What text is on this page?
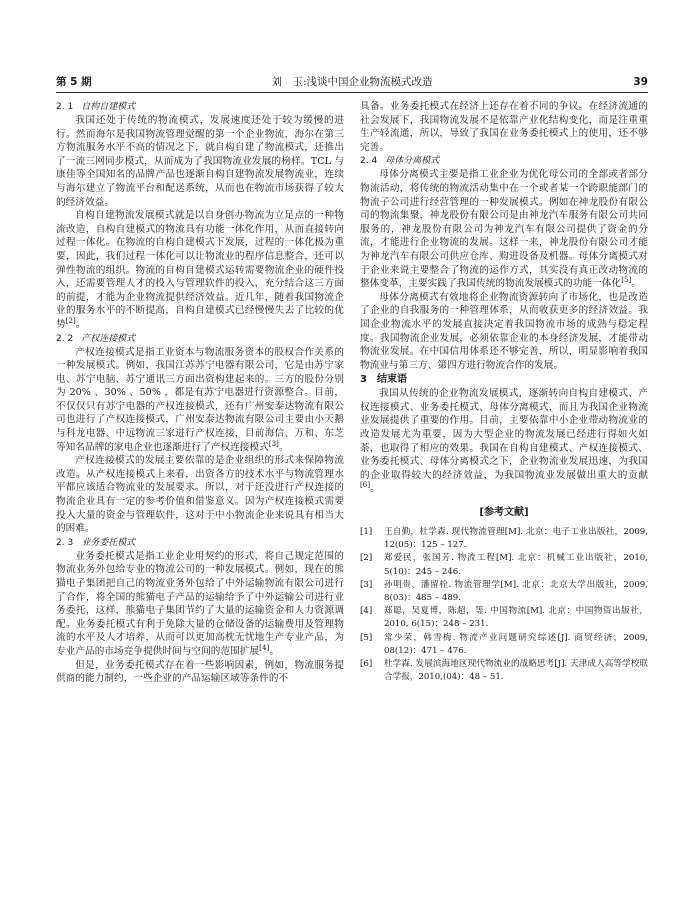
第 5 期	刘　玉:浅谈中国企业物流模式改造	39
2. 1 自构自建模式

我国还处于传统的物流模式，发展速度还处于较为缓慢的进行。然而海尔是我国物流管理觉醒的第一个企业物流，海尔在第三方物流服务水平不高的情况之下，就自构自建了物流模式，还推出了一流三网同步模式，从而成为了我国物流业发展的榜样。TCL 与康佳等全国知名的品牌产品也逐渐自构自建物流发展物流业，连续与海尔建立了物流平台和配送系统，从而也在物流市场获得了较大的经济效益。

自构自建物流发展模式就是以自身创办物流为立足点的一种物流改造，自构自建模式的物流具有功能一体化作用，从而直接转向过程一体化。在物流的自构自建模式下发展，过程的一体化极为重要，因此，我们过程一体化可以让物流业的程序信息整合，还可以弹性物流的组织。物流的自构自建模式运转需要物流企业的硬件投入，还需要管理人才的投入与管理软件的投入，充分结合这三方面的前提，才能为企业物流提供经济效益。近几年，随着我国物流企业的服务水平的不断提高，自构自建模式已经慢慢失去了比较的优势[2]。

2. 2 产权连接模式

产权连接模式是指工业资本与物流服务资本的股权合作关系的一种发展模式。例如，我国江苏苏宁电器有限公司，它是由苏宁家电、苏宁电脑、苏宁通讯三方面出资构建起来的。三方的股份分别为 20% 、30% 、50% ，都是有苏宁电器进行资源整合。目前，不仅仅只有苏宁电器的产权连接模式，还有广州安泰达物流有限公司也进行了产权连接模式，广州安泰达物流有限公司主要由小天鹅与科龙电器、中远物流三家进行产权连接，目前海信、万和、东芝等知名品牌的家电企业也逐渐进行了产权连接模式[3]。

产权连接模式的发展主要依靠的是企业组织的形式来保障物流改造。从产权连接模式上来看，出资各方的技术水平与物流管理水平都应该适合物流业的发展要求。所以，对于还没进行产权连接的物流企业具有一定的参考价值和借鉴意义。因为产权连接模式需要投入大量的资金与管理软件，这对于中小物流企业来说具有相当大的困难。

2. 3 业务委托模式

业务委托模式是指工业企业用契约的形式，将自己规定范围的物流业务外包给专业的物流公司的一种发展模式。例如，现在的熊猫电子集团把自己的物流业务外包给了中外运输物流有限公司进行了合作，将全国的熊猫电子产品的运输给予了中外运输公司进行业务委托，这样，熊猫电子集团节约了大量的运输资金和人力资源调配。业务委托模式有利于免除大量的仓储设备的运输费用及管理物流的水平及人才培养，从而可以更加高枕无忧地生产专业产品，为专业产品的市场竞争提供时间与空间的范围扩展[4]。

但是，业务委托模式存在着一些影响因素，例如，物流服务提供商的能力制约，一些企业的产品运输区域等条件的不

具备。业务委托模式在经济上还存在着不同的争议。在经济流通的社会发展下，我国物流发展不是依靠产业化结构变化，而是注重重生产轻流通，所以，导致了我国在业务委托模式上的使用，还不够完善。

2. 4 母体分离模式

母体分离模式主要是指工业企业为优化母公司的全部或者部分物流活动，将传统的物流活动集中在一个或者某一个跨职能部门的物流子公司进行经营管理的一种发展模式。例如在神龙股份有限公司的物流集聚，神龙股份有限公司是由神龙汽车服务有限公司共同服务的，神龙股份有限公司为神龙汽车有限公司提供了资金的分流，才能进行企业物流的发展。这样一来，神龙股份有限公司才能为神龙汽车有限公司供应仓库、购进设备及机器。母体分离模式对于企业来说主要整合了物流的运作方式，其实没有真正改动物流的整体变革，主要实践了我国传统的物流发展模式的功能一体化[5]。

母体分离模式有效地将企业物流资源转向了市场化，也是改造了企业的自我服务的一种管理体系，从而收获更多的经济效益。我国企业物流水平的发展直接决定着我国物流市场的成熟与稳定程度。我国物流企业发展，必须依靠企业的本身经济发展，才能带动物流业发展。在中国信用体系还不够完善，所以，明显影响着我国物流业与第三方、第四方进行物流合作的发展。

3 结束语

我国从传统的企业物流发展模式，逐渐转向自构自建模式、产权连接模式、业务委托模式、母体分离模式，而且为我国企业物流业发展提供了重要的作用。目前，主要依靠中小企业带动物流业的改造发展尤为重要，因为大型企业的物流发展已经进行得如火如荼，也取得了相应的效果。我国在自构自建模式、产权连接模式、业务委托模式、母体分离模式之下，企业物流业发展迅速，为我国的企业取得较大的经济效益，为我国物流业发展做出重大的贡献[6]。

[参考文献]
[1] 王自勤，杜学森. 现代物流管理[M]. 北京：电子工业出版社，2009, 12(05)：125 – 127.
[2] 郑爱民，张国芳. 物流工程[M]. 北京：机械工业出版社，2010, 5(10)：245 – 246.
[3] 孙明贵，潘留栓. 物流管理学[M]. 北京：北京大学出版社，2009, 8(03)：485 – 489.
[4] 郑聪，吴夏博，陈超，等. 中国物流[M]. 北京：中国物资出版社，2010, 6(15)：248 – 231.
[5] 常少荣，韩雪梅. 物流产业问题研究综述[J]. 商贸经济，2009, 08(12)：471 – 476.
[6] 杜学森. 发展滨海地区现代物流业的战略思考[J]. 天津成人高等学校联合学报，2010,(04)：48 – 51.
